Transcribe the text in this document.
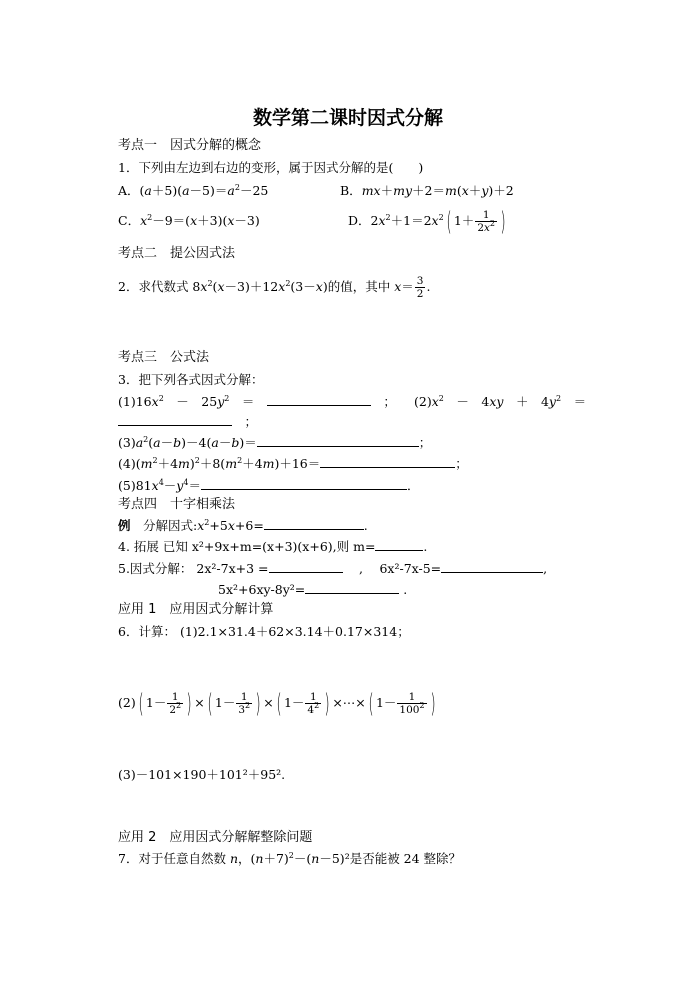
数学第二课时因式分解
考点一　因式分解的概念
1．下列由左边到右边的变形，属于因式分解的是(　　)
A．$(a+5)(a-5)=a^2-25$	B．mx＋my＋2＝m(x＋y)＋2
C．$x^2-9=(x+3)(x-3)$	D．$2x^2+1=2x^2$( $1+ \frac{1}{2x^2}$ )
考点二　提公因式法
2．求代数式 $8x^2(x-3)+12x^2(3-x)$的值，其中 $x= \frac{3}{2}$ .
考点三　公式法
3．把下列各式因式分解：
$(1)16x^2$　－　$25y^2$　＝　	　； $(2)x^2$　－　4xy　＋　$4y^2$　＝
　；
$(3)a^2(a-b)-4(a-b)=$	；
$(4)(m^2+4m)^2+8(m^2+4m)+16=$	；
$(5)81x^4-y^4=$	．
考点四　十字相乘法
例　分解因式$:x^2+5x+6=$	.
4. 拓展 已知 x²+9x+m=(x+3)(x+6),则 m=	.
5.因式分解： 2x²-7x+3 =	　 ,　 6x²-7x-5=	,
5x²+6xy-8y²=	.
应用 1　应用因式分解计算
6．计算： (1)2.1×31.4＋62×3.14＋0.17×314；
(2)( $1- \frac{1}{2^2}$ ) ×( $1- \frac{1}{3^2}$ ) ×( $1- \frac{1}{4^2}$ ) ×⋯×( $1- \frac{1}{100^2}$ )
(3)－101×190＋101²＋95².
应用 2　应用因式分解解整除问题
7．对于任意自然数 n，$(n+7)^2-(n-5)^2$是否能被 24 整除？
